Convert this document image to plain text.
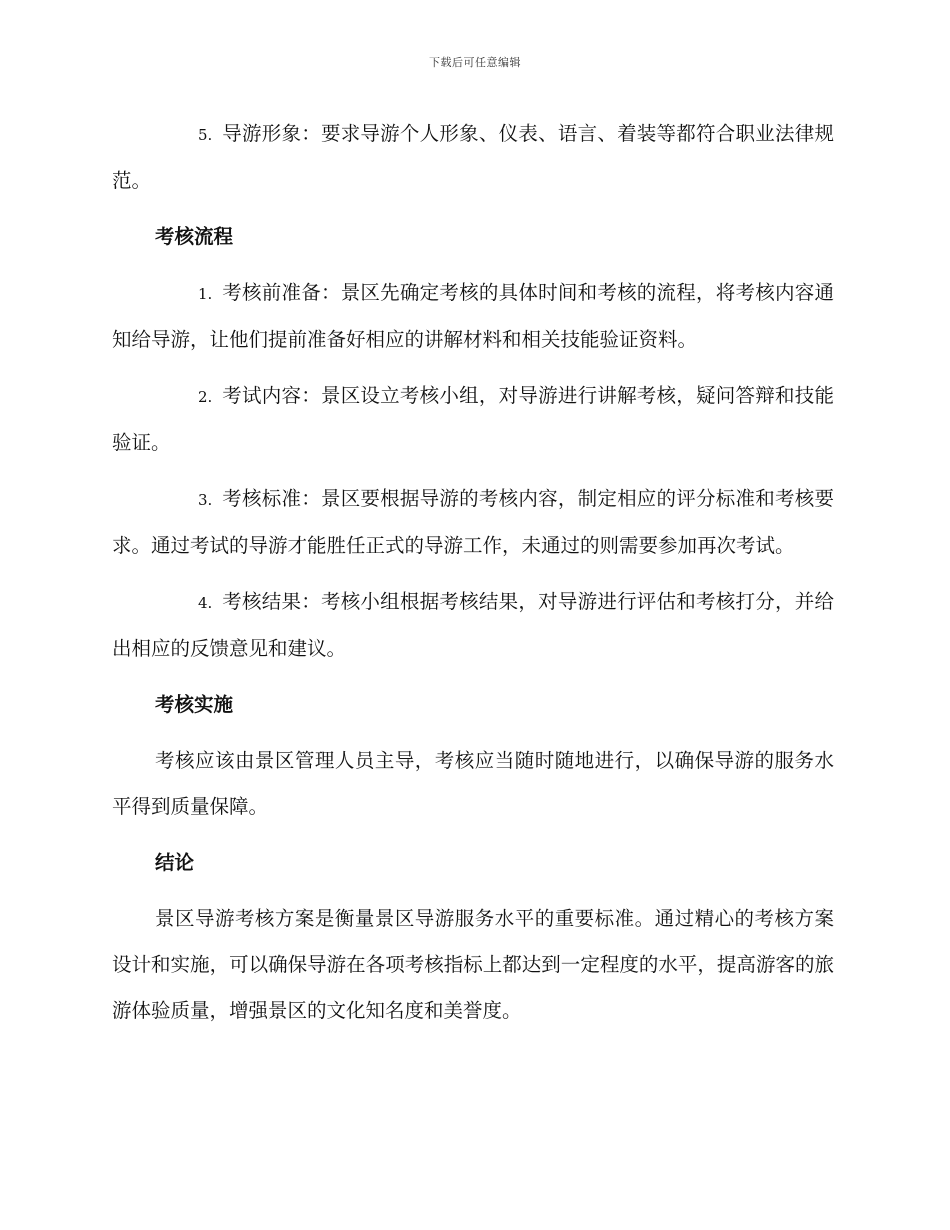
下载后可任意编辑

5. 导游形象：要求导游个人形象、仪表、语言、着装等都符合职业法律规范。

考核流程

1. 考核前准备：景区先确定考核的具体时间和考核的流程，将考核内容通知给导游，让他们提前准备好相应的讲解材料和相关技能验证资料。

2. 考试内容：景区设立考核小组，对导游进行讲解考核，疑问答辩和技能验证。

3. 考核标准：景区要根据导游的考核内容，制定相应的评分标准和考核要求。通过考试的导游才能胜任正式的导游工作，未通过的则需要参加再次考试。

4. 考核结果：考核小组根据考核结果，对导游进行评估和考核打分，并给出相应的反馈意见和建议。

考核实施

考核应该由景区管理人员主导，考核应当随时随地进行，以确保导游的服务水平得到质量保障。

结论

景区导游考核方案是衡量景区导游服务水平的重要标准。通过精心的考核方案设计和实施，可以确保导游在各项考核指标上都达到一定程度的水平，提高游客的旅游体验质量，增强景区的文化知名度和美誉度。
